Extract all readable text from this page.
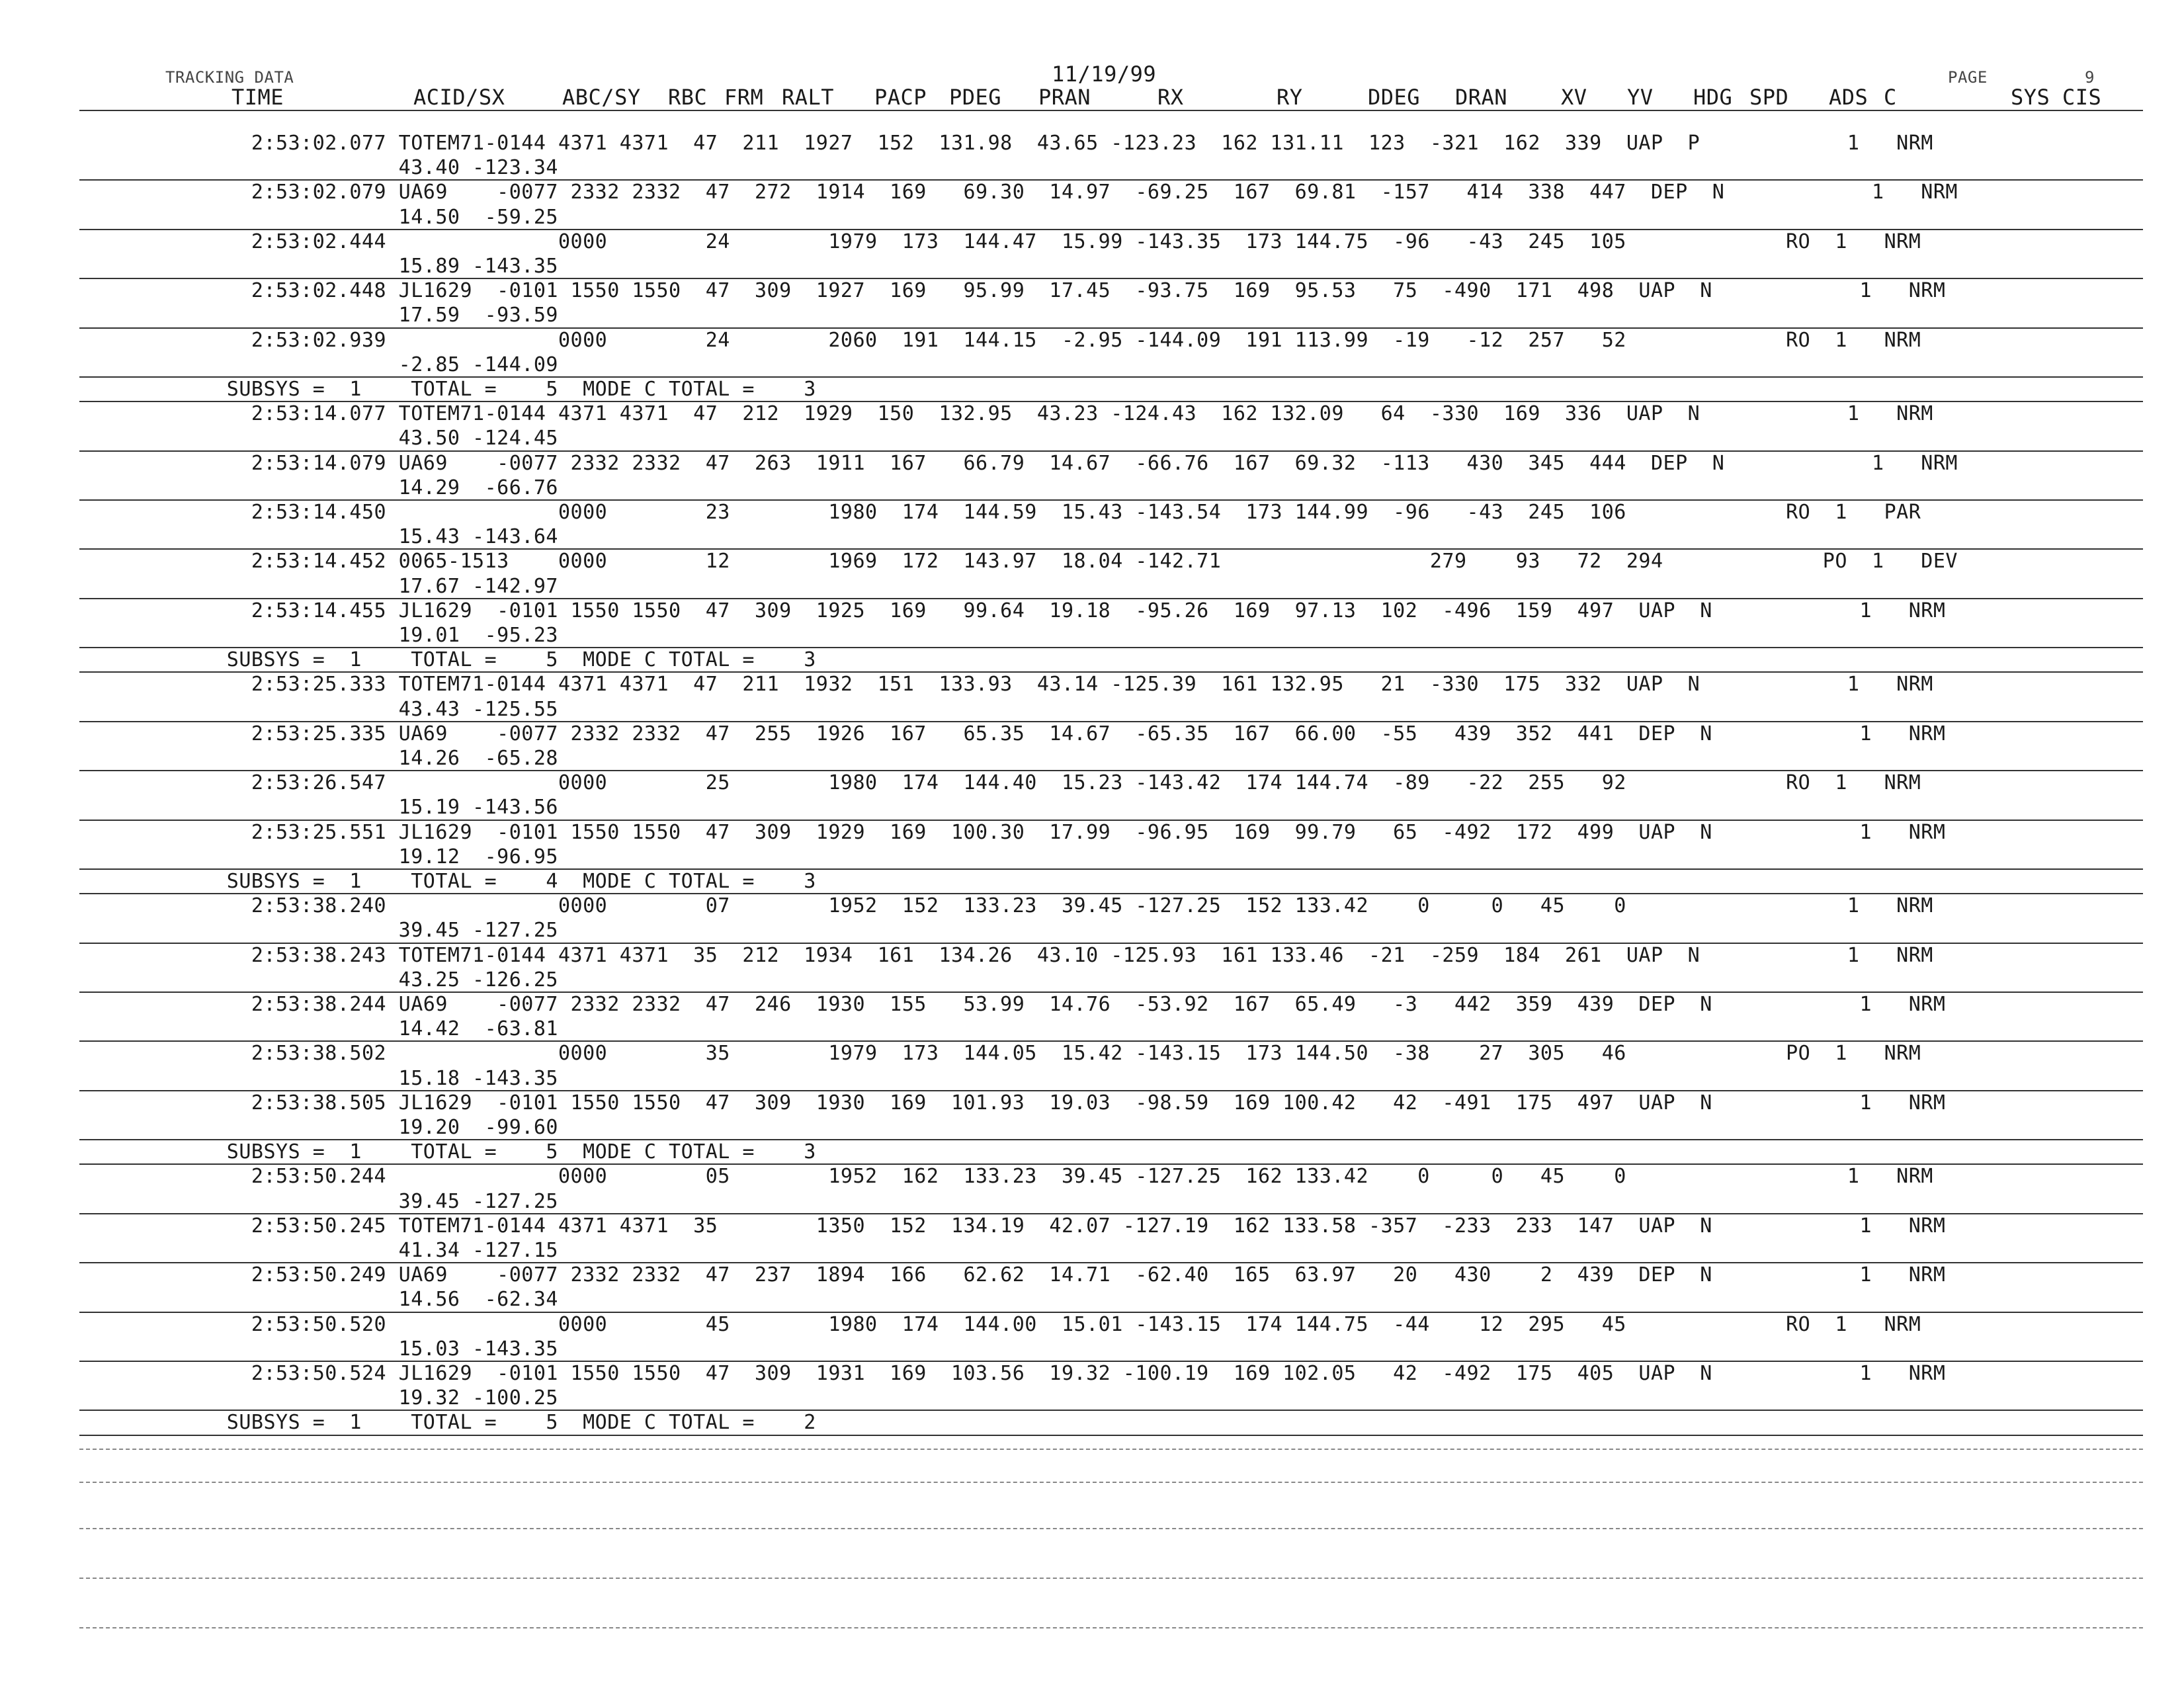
TRACKING DATA	11/19/99	PAGE	9
TIME	ACID/SX	ABC/SY RBC FRM RALT PACP PDEG PRAN	RX	RY	DDEG DRAN	XV YV HDG SPD ADS C	SYS CIS
2:53:02.077 TOTEM71-0144 4371 4371  47  211  1927  152  131.98  43.65 -123.23  162 131.11  123  -321  162  339  UAP  P            1   NRM
43.40 -123.34
2:53:02.079 UA69    -0077 2332 2332  47  272  1914  169   69.30  14.97  -69.25  167  69.81  -157   414  338  447  DEP  N            1   NRM
14.50  -59.25
2:53:02.444              0000        24        1979  173  144.47  15.99 -143.35  173 144.75  -96   -43  245  105             RO  1   NRM
15.89 -143.35
2:53:02.448 JL1629  -0101 1550 1550  47  309  1927  169   95.99  17.45  -93.75  169  95.53   75  -490  171  498  UAP  N            1   NRM
17.59  -93.59
2:53:02.939              0000        24        2060  191  144.15  -2.95 -144.09  191 113.99  -19   -12  257   52             RO  1   NRM
-2.85 -144.09
SUBSYS =  1    TOTAL =    5  MODE C TOTAL =    3
2:53:14.077 TOTEM71-0144 4371 4371  47  212  1929  150  132.95  43.23 -124.43  162 132.09   64  -330  169  336  UAP  N            1   NRM
43.50 -124.45
2:53:14.079 UA69    -0077 2332 2332  47  263  1911  167   66.79  14.67  -66.76  167  69.32  -113   430  345  444  DEP  N            1   NRM
14.29  -66.76
2:53:14.450              0000        23        1980  174  144.59  15.43 -143.54  173 144.99  -96   -43  245  106             RO  1   PAR
15.43 -143.64
2:53:14.452 0065-1513    0000        12        1969  172  143.97  18.04 -142.71                 279    93   72  294             PO  1   DEV
17.67 -142.97
2:53:14.455 JL1629  -0101 1550 1550  47  309  1925  169   99.64  19.18  -95.26  169  97.13  102  -496  159  497  UAP  N            1   NRM
19.01  -95.23
SUBSYS =  1    TOTAL =    5  MODE C TOTAL =    3
2:53:25.333 TOTEM71-0144 4371 4371  47  211  1932  151  133.93  43.14 -125.39  161 132.95   21  -330  175  332  UAP  N            1   NRM
43.43 -125.55
2:53:25.335 UA69    -0077 2332 2332  47  255  1926  167   65.35  14.67  -65.35  167  66.00  -55   439  352  441  DEP  N            1   NRM
14.26  -65.28
2:53:26.547              0000        25        1980  174  144.40  15.23 -143.42  174 144.74  -89   -22  255   92             RO  1   NRM
15.19 -143.56
2:53:25.551 JL1629  -0101 1550 1550  47  309  1929  169  100.30  17.99  -96.95  169  99.79   65  -492  172  499  UAP  N            1   NRM
19.12  -96.95
SUBSYS =  1    TOTAL =    4  MODE C TOTAL =    3
2:53:38.240              0000        07        1952  152  133.23  39.45 -127.25  152 133.42    0     0   45    0                  1   NRM
39.45 -127.25
2:53:38.243 TOTEM71-0144 4371 4371  35  212  1934  161  134.26  43.10 -125.93  161 133.46  -21  -259  184  261  UAP  N            1   NRM
43.25 -126.25
2:53:38.244 UA69    -0077 2332 2332  47  246  1930  155   53.99  14.76  -53.92  167  65.49   -3   442  359  439  DEP  N            1   NRM
14.42  -63.81
2:53:38.502              0000        35        1979  173  144.05  15.42 -143.15  173 144.50  -38    27  305   46             PO  1   NRM
15.18 -143.35
2:53:38.505 JL1629  -0101 1550 1550  47  309  1930  169  101.93  19.03  -98.59  169 100.42   42  -491  175  497  UAP  N            1   NRM
19.20  -99.60
SUBSYS =  1    TOTAL =    5  MODE C TOTAL =    3
2:53:50.244              0000        05        1952  162  133.23  39.45 -127.25  162 133.42    0     0   45    0                  1   NRM
39.45 -127.25
2:53:50.245 TOTEM71-0144 4371 4371  35        1350  152  134.19  42.07 -127.19  162 133.58 -357  -233  233  147  UAP  N            1   NRM
41.34 -127.15
2:53:50.249 UA69    -0077 2332 2332  47  237  1894  166   62.62  14.71  -62.40  165  63.97   20   430    2  439  DEP  N            1   NRM
14.56  -62.34
2:53:50.520              0000        45        1980  174  144.00  15.01 -143.15  174 144.75  -44    12  295   45             RO  1   NRM
15.03 -143.35
2:53:50.524 JL1629  -0101 1550 1550  47  309  1931  169  103.56  19.32 -100.19  169 102.05   42  -492  175  405  UAP  N            1   NRM
19.32 -100.25
SUBSYS =  1    TOTAL =    5  MODE C TOTAL =    2
